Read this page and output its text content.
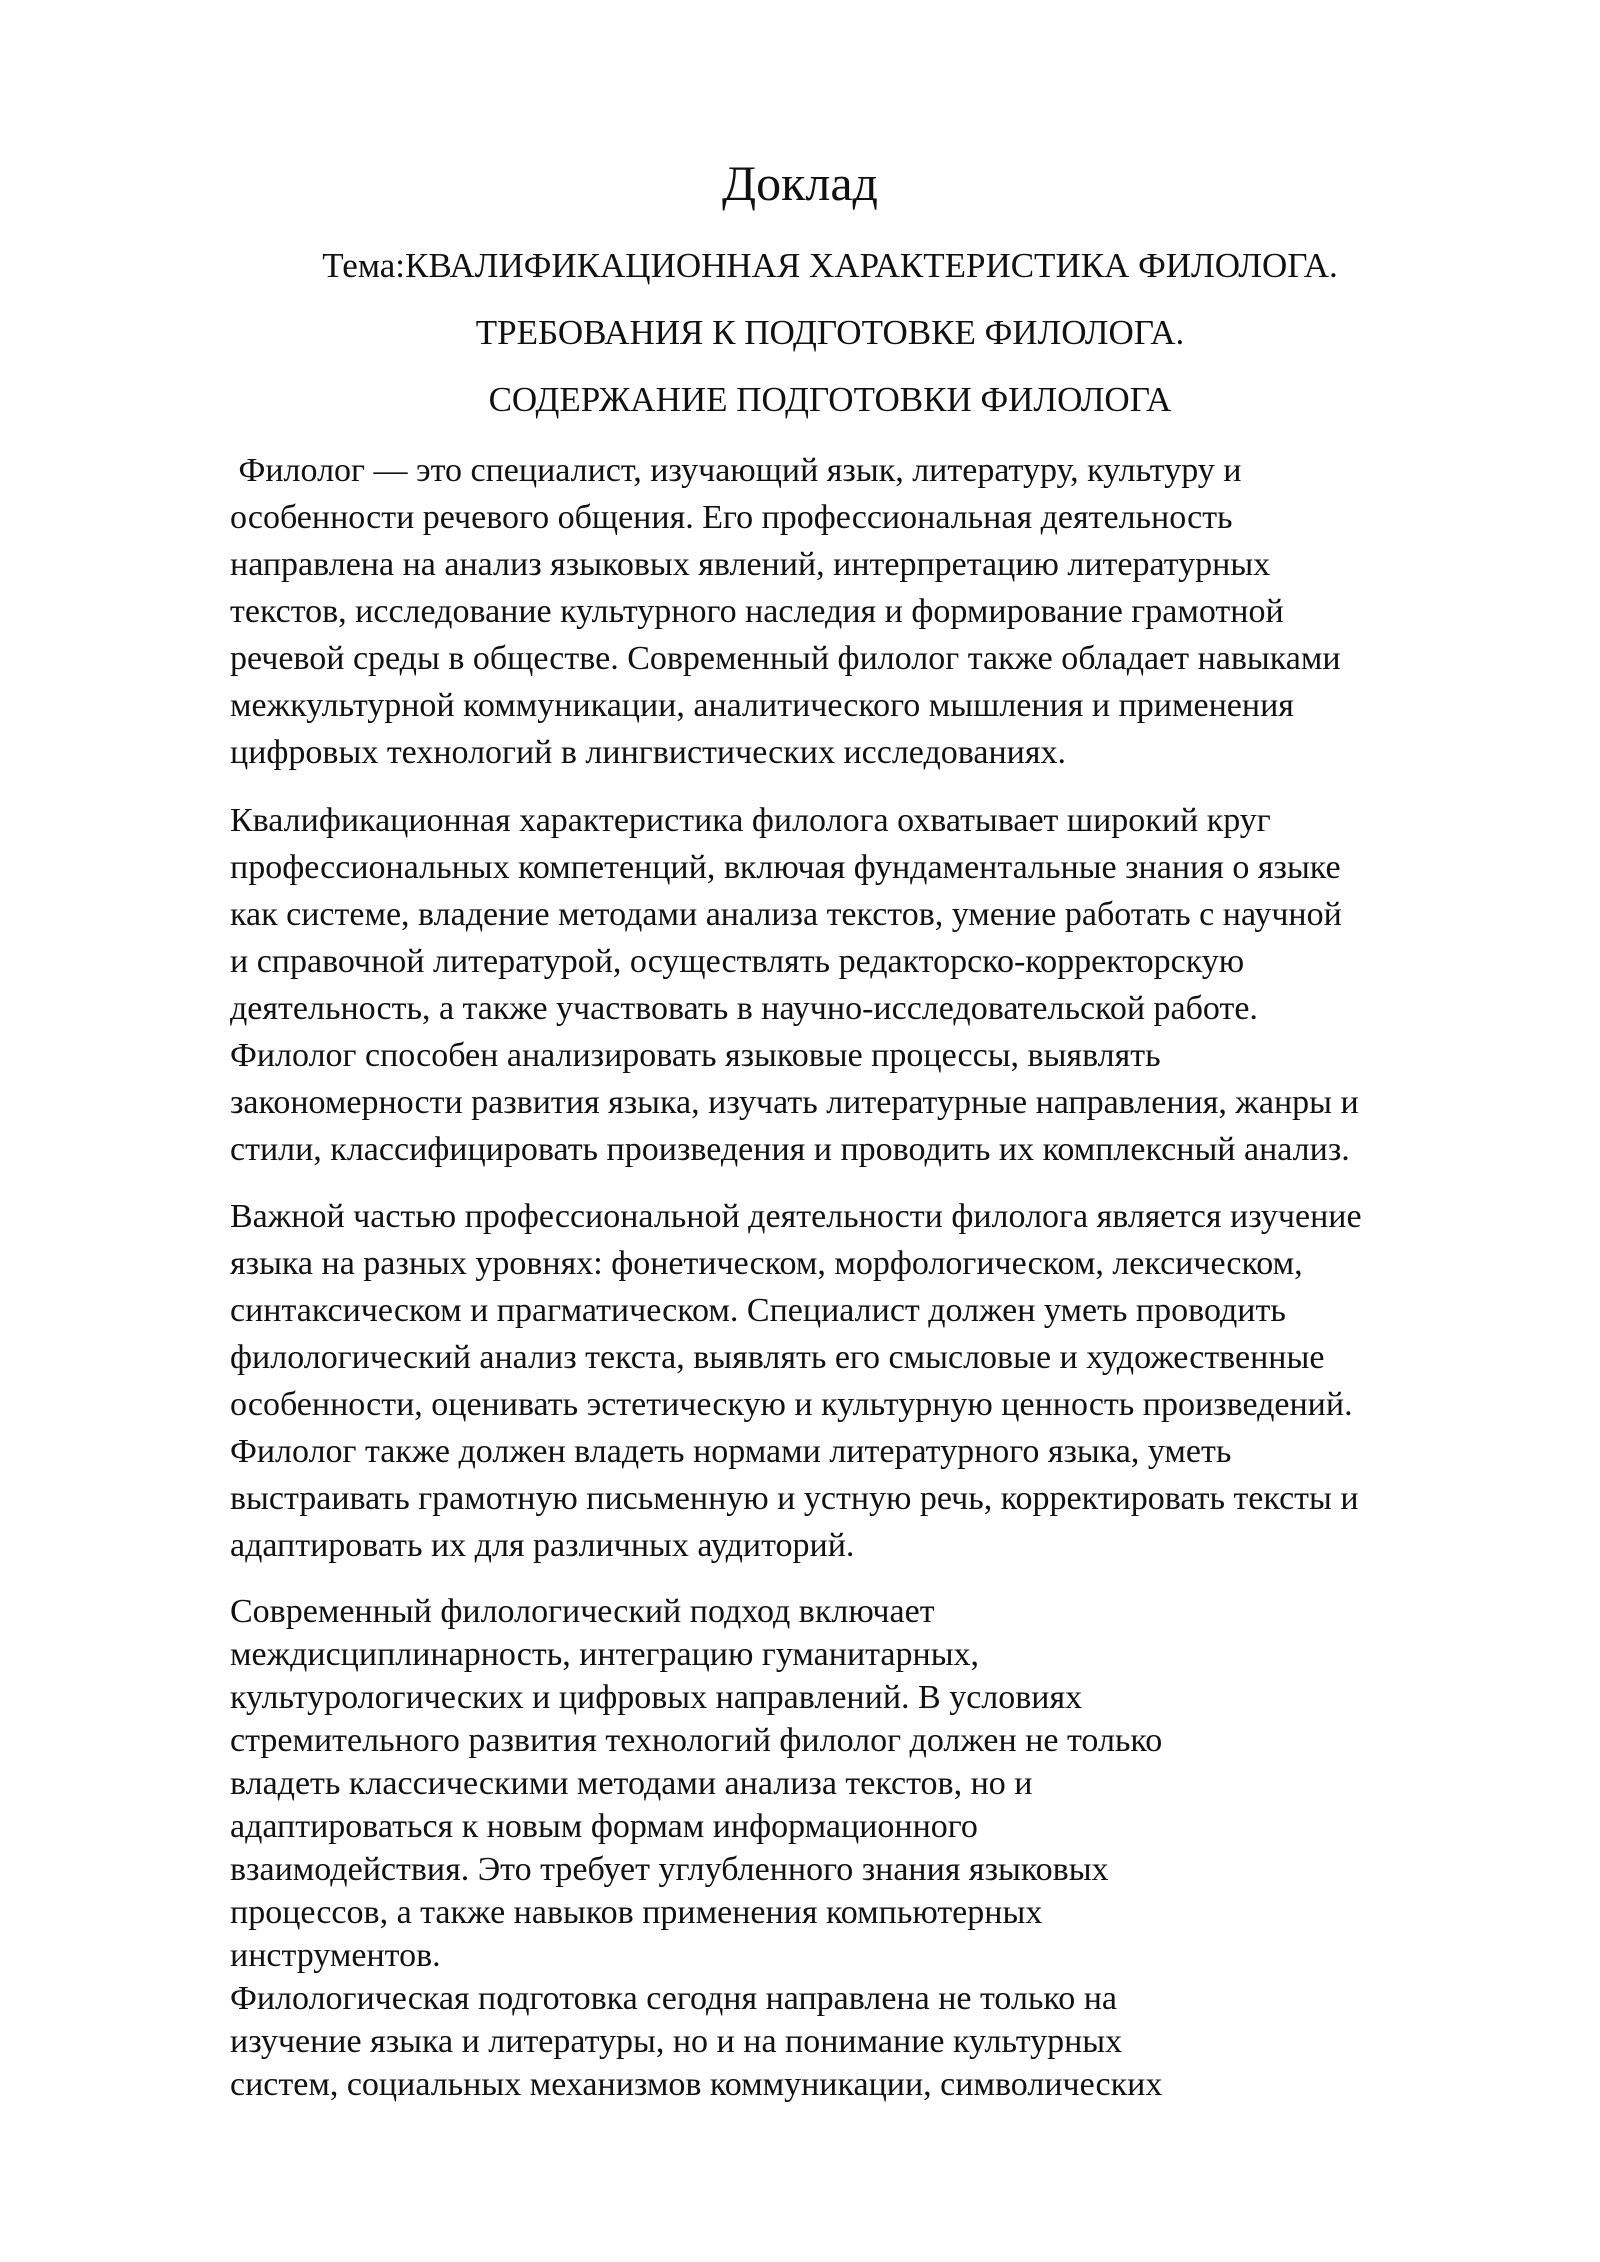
Доклад

Тема:КВАЛИФИКАЦИОННАЯ ХАРАКТЕРИСТИКА ФИЛОЛОГА.

ТРЕБОВАНИЯ К ПОДГОТОВКЕ ФИЛОЛОГА.

СОДЕРЖАНИЕ ПОДГОТОВКИ ФИЛОЛОГА

Филолог — это специалист, изучающий язык, литературу, культуру и
особенности речевого общения. Его профессиональная деятельность
направлена на анализ языковых явлений, интерпретацию литературных
текстов, исследование культурного наследия и формирование грамотной
речевой среды в обществе. Современный филолог также обладает навыками
межкультурной коммуникации, аналитического мышления и применения
цифровых технологий в лингвистических исследованиях.

Квалификационная характеристика филолога охватывает широкий круг
профессиональных компетенций, включая фундаментальные знания о языке
как системе, владение методами анализа текстов, умение работать с научной
и справочной литературой, осуществлять редакторско-корректорскую
деятельность, а также участвовать в научно-исследовательской работе.
Филолог способен анализировать языковые процессы, выявлять
закономерности развития языка, изучать литературные направления, жанры и
стили, классифицировать произведения и проводить их комплексный анализ.

Важной частью профессиональной деятельности филолога является изучение
языка на разных уровнях: фонетическом, морфологическом, лексическом,
синтаксическом и прагматическом. Специалист должен уметь проводить
филологический анализ текста, выявлять его смысловые и художественные
особенности, оценивать эстетическую и культурную ценность произведений.
Филолог также должен владеть нормами литературного языка, уметь
выстраивать грамотную письменную и устную речь, корректировать тексты и
адаптировать их для различных аудиторий.

Современный филологический подход включает
междисциплинарность, интеграцию гуманитарных,
культурологических и цифровых направлений. В условиях
стремительного развития технологий филолог должен не только
владеть классическими методами анализа текстов, но и
адаптироваться к новым формам информационного
взаимодействия. Это требует углубленного знания языковых
процессов, а также навыков применения компьютерных
инструментов.
Филологическая подготовка сегодня направлена не только на
изучение языка и литературы, но и на понимание культурных
систем, социальных механизмов коммуникации, символических
